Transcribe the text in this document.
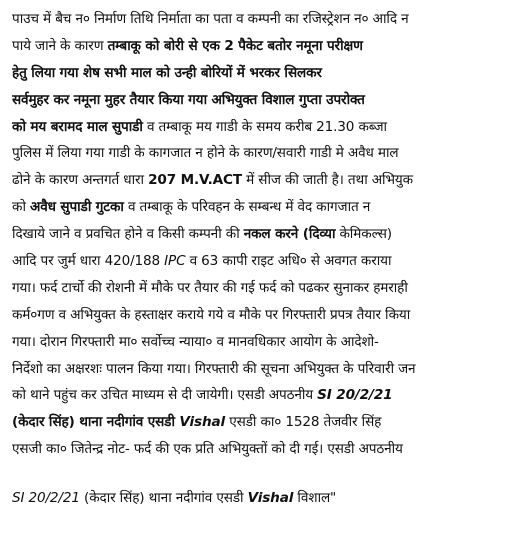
पाउच में बैच न० निर्माण तिथि निर्माता का पता व कम्पनी का रजिस्ट्रेशन न० आदि न
पाये जाने के कारण तम्बाकू को बोरी से एक 2 पैकेट बतोर नमूना परीक्षण
हेतु लिया गया शेष सभी माल को उन्ही बोरियों में भरकर सिलकर
सर्वमुहर कर नमूना मुहर तैयार किया गया अभियुक्त विशाल गुप्ता उपरोक्त
को मय बरामद माल सुपाडी व तम्बाकू मय गाडी के समय करीब 21.30 कब्जा
पुलिस में लिया गया गाडी के कागजात न होने के कारण/सवारी गाडी मे अवैध माल
ढोने के कारण अन्तगर्त धारा 207 M.V.ACT में सीज की जाती है। तथा अभियुक
को अवैध सुपाडी गुटका व तम्बाकू के परिवहन के सम्बन्ध में वेद कागजात न
दिखाये जाने व प्रवचित होने व किसी कम्पनी की नकल करने (दिव्या केमिकल्स)
आदि पर जुर्म धारा 420/188 IPC व 63 कापी राइट अधि० से अवगत कराया
गया। फर्द टार्चो की रोशनी में मौके पर तैयार की गई फर्द को पढकर सुनाकर हमराही
कर्म०गण व अभियुक्त के हस्ताक्षर कराये गये व मौके पर गिरफ्तारी प्रपत्र तैयार किया
गया। दोरान गिरफ्तारी मा० सर्वोच्च न्याया० व मानवधिकार आयोग के आदेशो-
निर्देशो का अक्षरशः पालन किया गया। गिरफ्तारी की सूचना अभियुक्त के परिवारी जन
को थाने पहुंच कर उचित माध्यम से दी जायेगी। एसडी अपठनीय SI 20/2/21
(केदार सिंह) थाना नदीगांव एसडी Vishal एसडी का० 1528 तेजवीर सिंह
एसजी का० जितेन्द्र नोट- फर्द की एक प्रति अभियुक्तों को दी गई। एसडी अपठनीय
SI 20/2/21 (केदार सिंह) थाना नदीगांव एसडी Vishal विशाल"
